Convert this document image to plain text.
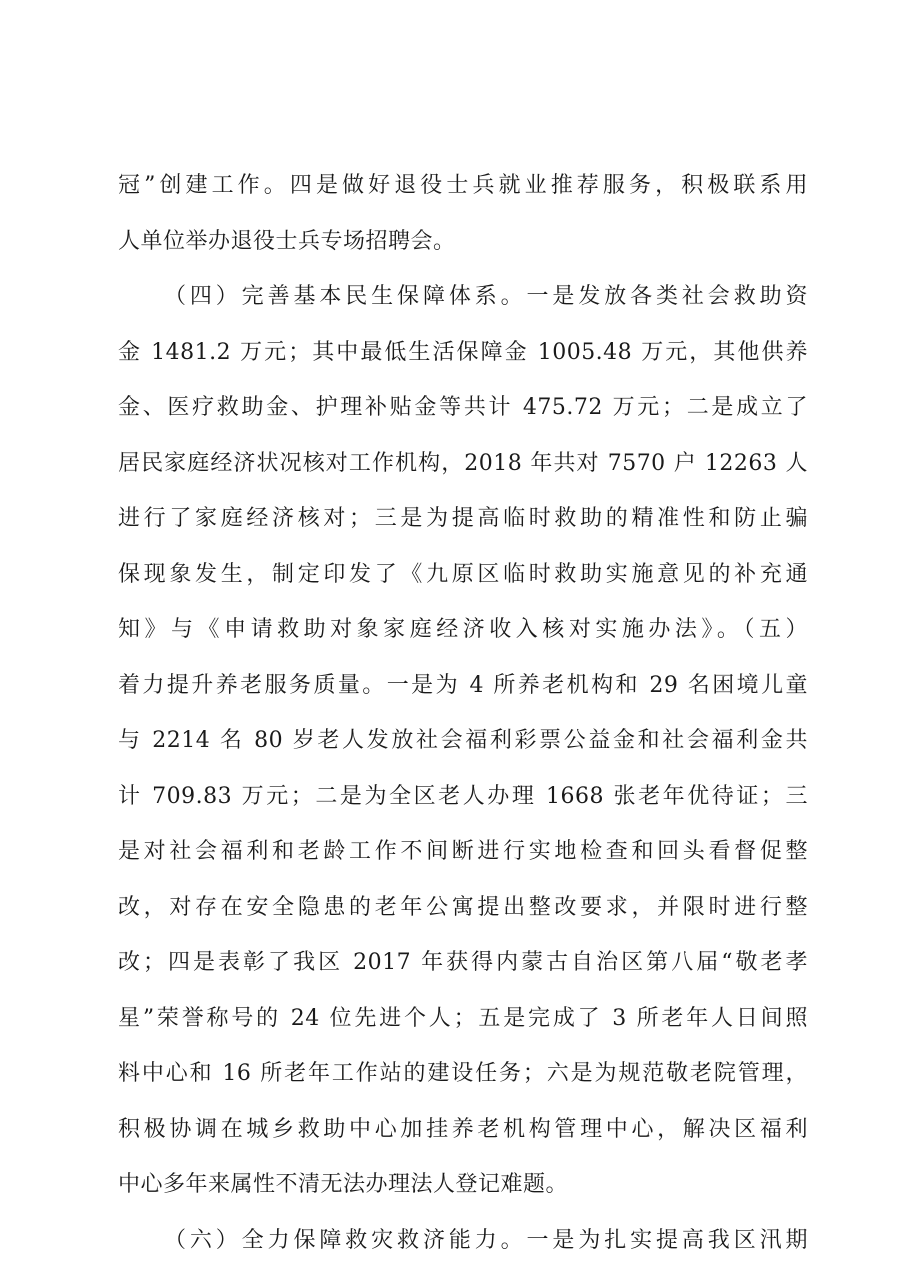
冠”创建工作。四是做好退役士兵就业推荐服务，积极联系用
人单位举办退役士兵专场招聘会。
（四）完善基本民生保障体系。一是发放各类社会救助资
金 1481.2 万元；其中最低生活保障金 1005.48 万元，其他供养
金、医疗救助金、护理补贴金等共计 475.72 万元；二是成立了
居民家庭经济状况核对工作机构，2018 年共对 7570 户 12263 人
进行了家庭经济核对；三是为提高临时救助的精准性和防止骗
保现象发生，制定印发了《九原区临时救助实施意见的补充通
知》与《申请救助对象家庭经济收入核对实施办法》。（五）
着力提升养老服务质量。一是为 4 所养老机构和 29 名困境儿童
与 2214 名 80 岁老人发放社会福利彩票公益金和社会福利金共
计 709.83 万元；二是为全区老人办理 1668 张老年优待证；三
是对社会福利和老龄工作不间断进行实地检查和回头看督促整
改，对存在安全隐患的老年公寓提出整改要求，并限时进行整
改；四是表彰了我区 2017 年获得内蒙古自治区第八届“敬老孝
星”荣誉称号的 24 位先进个人；五是完成了 3 所老年人日间照
料中心和 16 所老年工作站的建设任务；六是为规范敬老院管理，
积极协调在城乡救助中心加挂养老机构管理中心，解决区福利
中心多年来属性不清无法办理法人登记难题。
（六）全力保障救灾救济能力。一是为扎实提高我区汛期
